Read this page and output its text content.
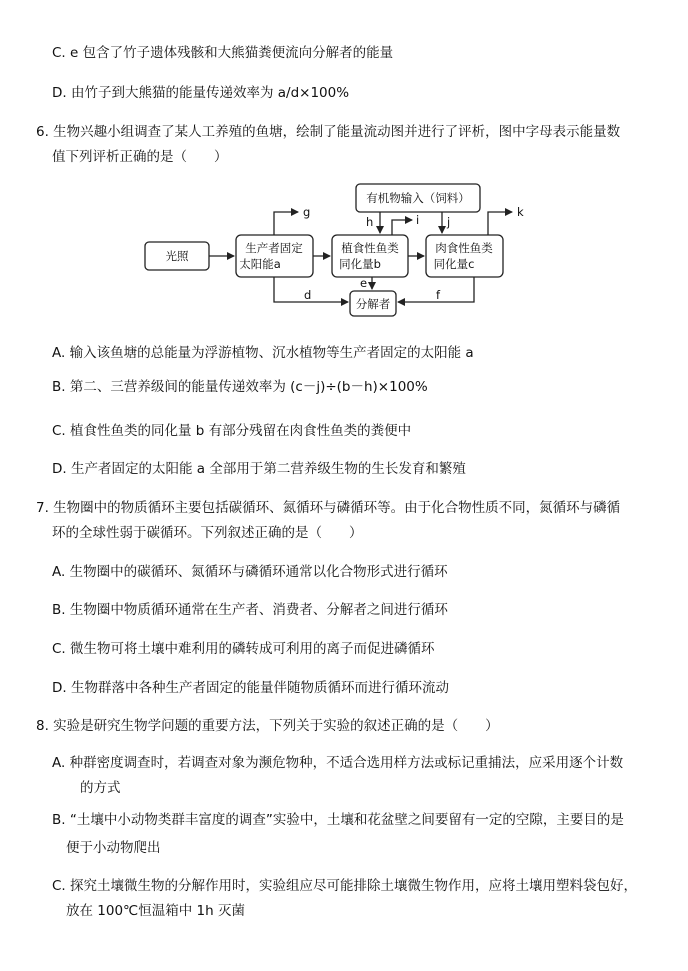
C. e 包含了竹子遗体残骸和大熊猫粪便流向分解者的能量
D. 由竹子到大熊猫的能量传递效率为 a/d×100%
6. 生物兴趣小组调查了某人工养殖的鱼塘，绘制了能量流动图并进行了评析，图中字母表示能量数
值下列评析正确的是（　　）
光照
生产者固定
太阳能a
植食性鱼类
同化量b
肉食性鱼类
同化量c
有机物输入（饲料）
分解者
g
h	i j
k
e
d	f
A. 输入该鱼塘的总能量为浮游植物、沉水植物等生产者固定的太阳能 a
B. 第二、三营养级间的能量传递效率为 (c－j)÷(b－h)×100%
C. 植食性鱼类的同化量 b 有部分残留在肉食性鱼类的粪便中
D. 生产者固定的太阳能 a 全部用于第二营养级生物的生长发育和繁殖
7. 生物圈中的物质循环主要包括碳循环、氮循环与磷循环等。由于化合物性质不同，氮循环与磷循
环的全球性弱于碳循环。下列叙述正确的是（　　）
A. 生物圈中的碳循环、氮循环与磷循环通常以化合物形式进行循环
B. 生物圈中物质循环通常在生产者、消费者、分解者之间进行循环
C. 微生物可将土壤中难利用的磷转成可利用的离子而促进磷循环
D. 生物群落中各种生产者固定的能量伴随物质循环而进行循环流动
8. 实验是研究生物学问题的重要方法，下列关于实验的叙述正确的是（　　）
A. 种群密度调查时，若调查对象为濒危物种，不适合选用样方法或标记重捕法，应采用逐个计数
的方式
B. “土壤中小动物类群丰富度的调查”实验中，土壤和花盆壁之间要留有一定的空隙，主要目的是
便于小动物爬出
C. 探究土壤微生物的分解作用时，实验组应尽可能排除土壤微生物作用，应将土壤用塑料袋包好，
放在 100℃恒温箱中 1h 灭菌
